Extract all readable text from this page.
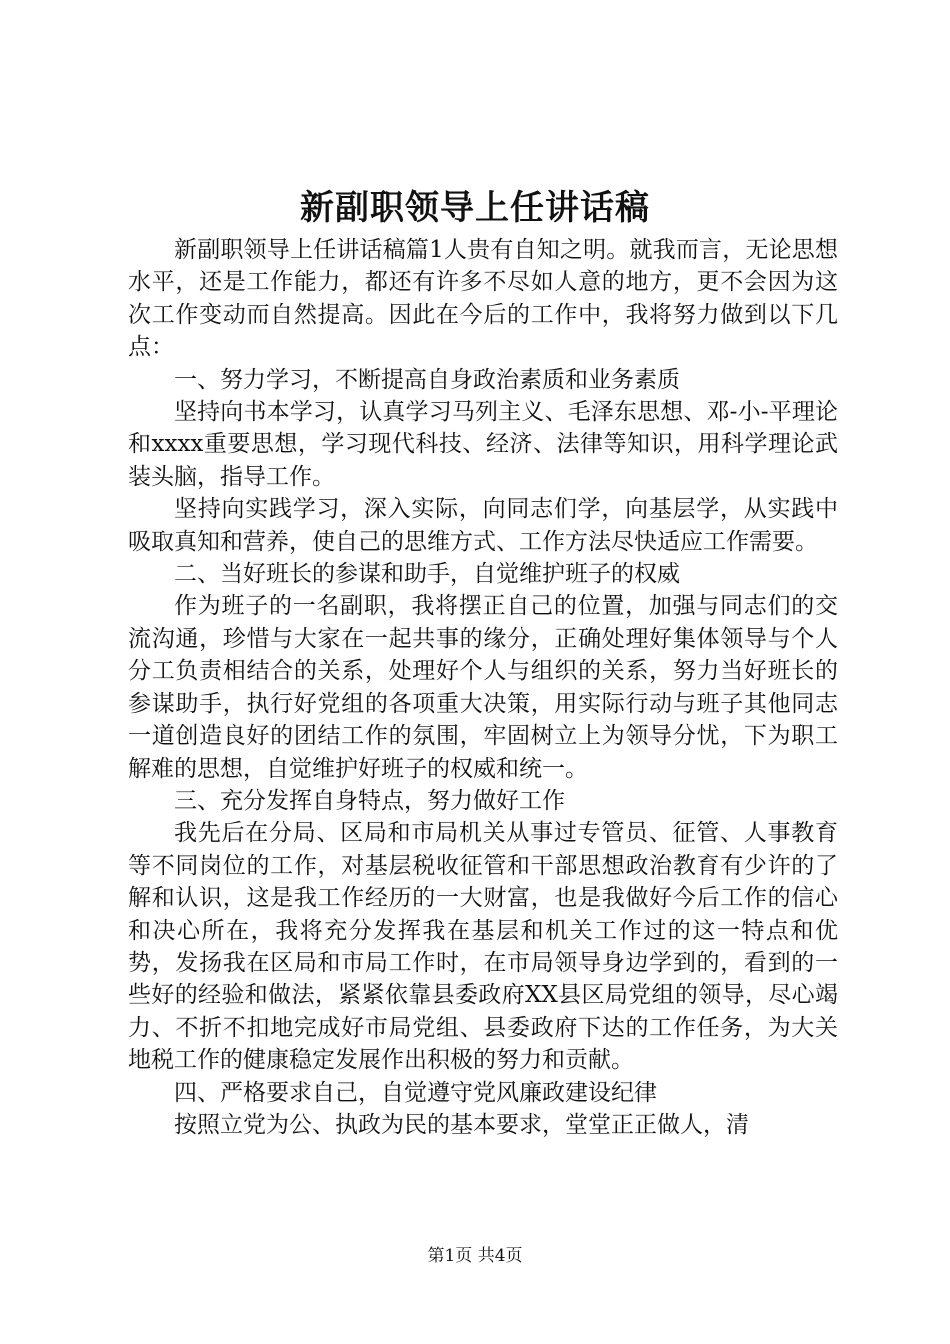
新副职领导上任讲话稿

新副职领导上任讲话稿篇1人贵有自知之明。就我而言，无论思想水平，还是工作能力，都还有许多不尽如人意的地方，更不会因为这次工作变动而自然提高。因此在今后的工作中，我将努力做到以下几点：

一、努力学习，不断提高自身政治素质和业务素质

坚持向书本学习，认真学习马列主义、毛泽东思想、邓-小-平理论和xxxx重要思想，学习现代科技、经济、法律等知识，用科学理论武装头脑，指导工作。

坚持向实践学习，深入实际，向同志们学，向基层学，从实践中吸取真知和营养，使自己的思维方式、工作方法尽快适应工作需要。

二、当好班长的参谋和助手，自觉维护班子的权威

作为班子的一名副职，我将摆正自己的位置，加强与同志们的交流沟通，珍惜与大家在一起共事的缘分，正确处理好集体领导与个人分工负责相结合的关系，处理好个人与组织的关系，努力当好班长的参谋助手，执行好党组的各项重大决策，用实际行动与班子其他同志一道创造良好的团结工作的氛围，牢固树立上为领导分忧，下为职工解难的思想，自觉维护好班子的权威和统一。

三、充分发挥自身特点，努力做好工作

我先后在分局、区局和市局机关从事过专管员、征管、人事教育等不同岗位的工作，对基层税收征管和干部思想政治教育有少许的了解和认识，这是我工作经历的一大财富，也是我做好今后工作的信心和决心所在，我将充分发挥我在基层和机关工作过的这一特点和优势，发扬我在区局和市局工作时，在市局领导身边学到的，看到的一些好的经验和做法，紧紧依靠县委政府XX县区局党组的领导，尽心竭力、不折不扣地完成好市局党组、县委政府下达的工作任务，为大关地税工作的健康稳定发展作出积极的努力和贡献。

四、严格要求自己，自觉遵守党风廉政建设纪律

按照立党为公、执政为民的基本要求，堂堂正正做人，清

第1页 共4页
